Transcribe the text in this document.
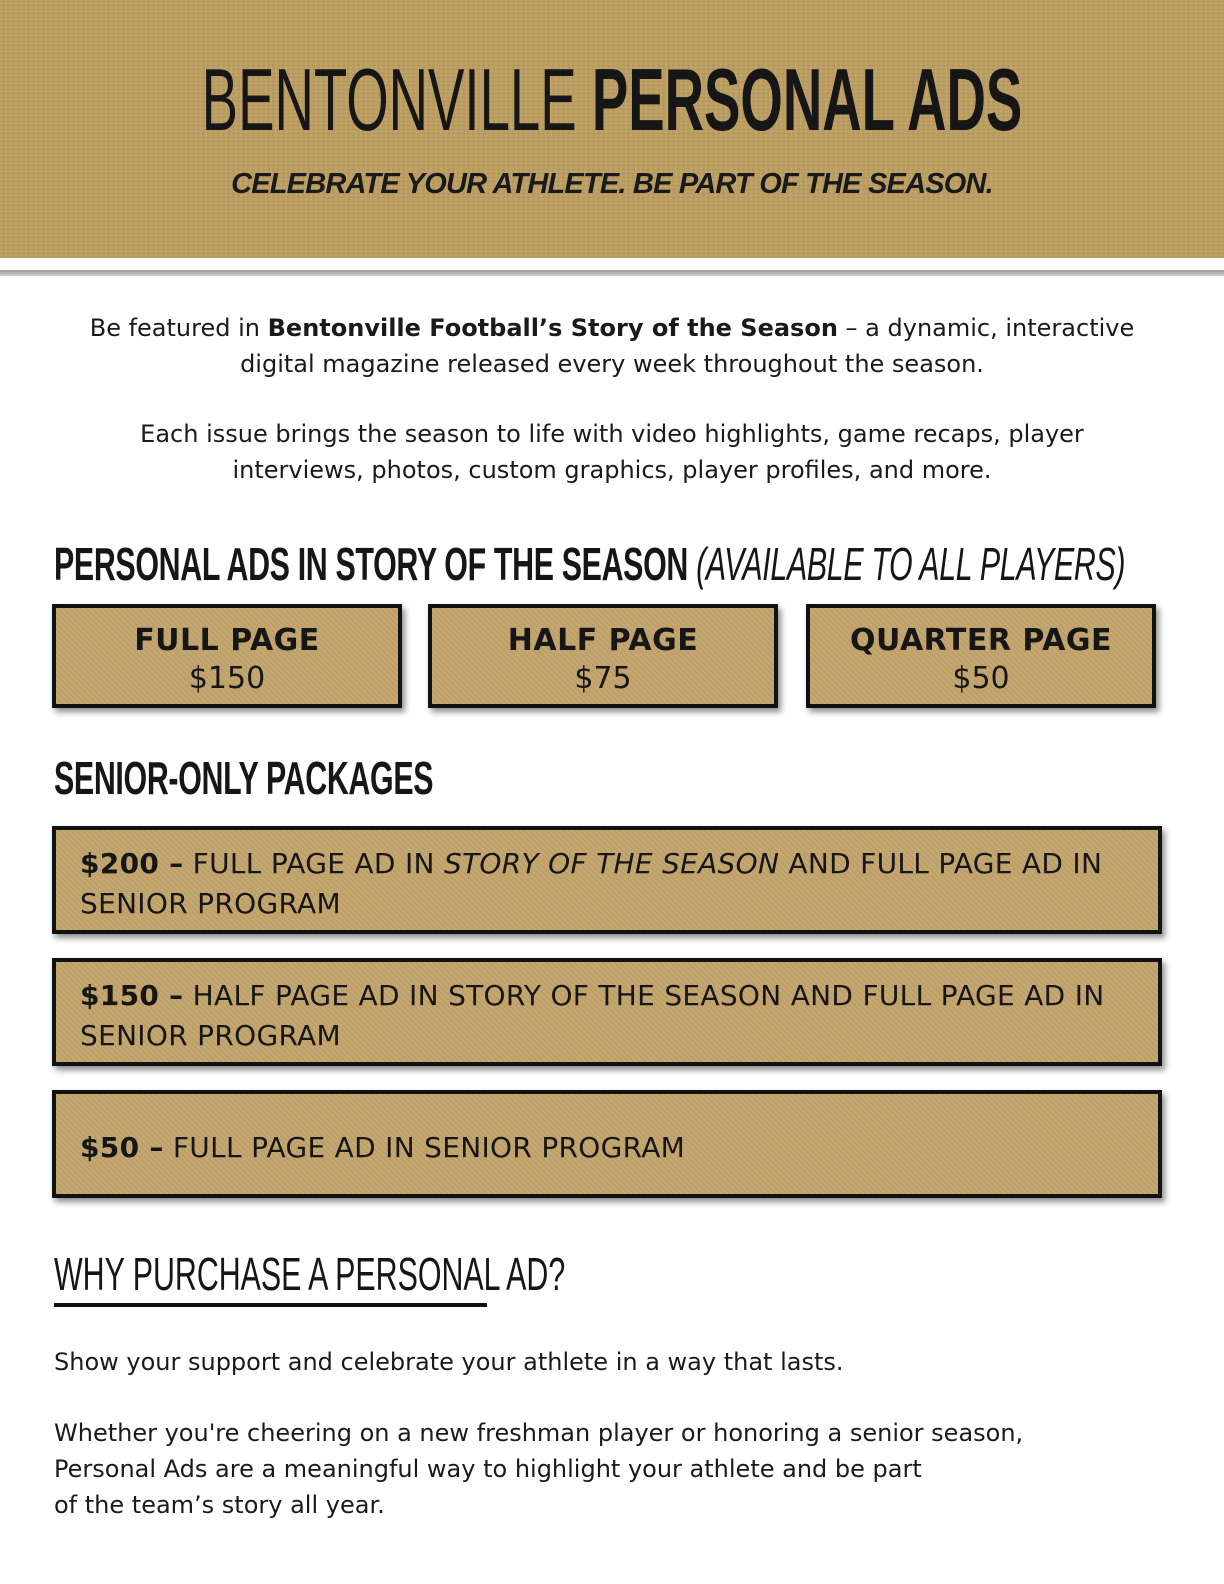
BENTONVILLE PERSONAL ADS
CELEBRATE YOUR ATHLETE. BE PART OF THE SEASON.
Be featured in Bentonville Football’s Story of the Season – a dynamic, interactive digital magazine released every week throughout the season.
Each issue brings the season to life with video highlights, game recaps, player interviews, photos, custom graphics, player profiles, and more.
PERSONAL ADS IN STORY OF THE SEASON (AVAILABLE TO ALL PLAYERS)
FULL PAGE
$150
HALF PAGE
$75
QUARTER PAGE
$50
SENIOR-ONLY PACKAGES
$200 – FULL PAGE AD IN STORY OF THE SEASON AND FULL PAGE AD IN SENIOR PROGRAM
$150 – HALF PAGE AD IN STORY OF THE SEASON AND FULL PAGE AD IN SENIOR PROGRAM
$50 – FULL PAGE AD IN SENIOR PROGRAM
WHY PURCHASE A PERSONAL AD?
Show your support and celebrate your athlete in a way that lasts.
Whether you're cheering on a new freshman player or honoring a senior season,
Personal Ads are a meaningful way to highlight your athlete and be part
of the team’s story all year.
